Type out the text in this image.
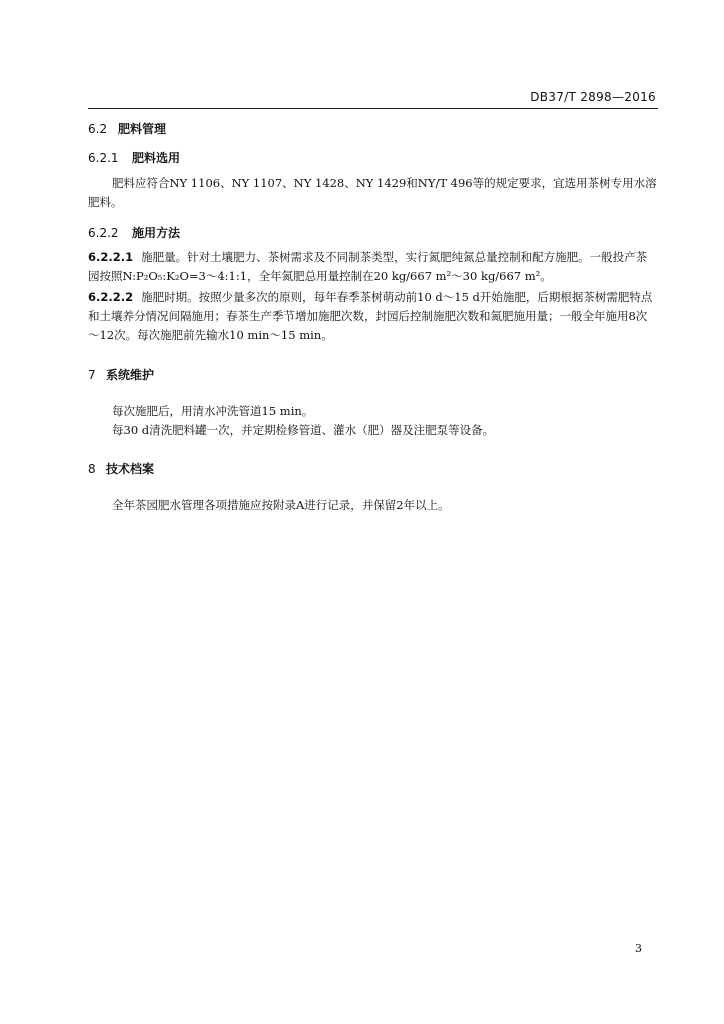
DB37/T 2898—2016
6.2 肥料管理
6.2.1 肥料选用

肥料应符合NY 1106、NY 1107、NY 1428、NY 1429和NY/T 496等的规定要求，宜选用茶树专用水溶肥料。

6.2.2 施用方法

6.2.2.1 施肥量。针对土壤肥力、茶树需求及不同制茶类型，实行氮肥纯氮总量控制和配方施肥。一般投产茶园按照N:P₂O₅:K₂O=3～4:1:1，全年氮肥总用量控制在20 kg/667 m²～30 kg/667 m²。

6.2.2.2 施肥时期。按照少量多次的原则，每年春季茶树萌动前10 d～15 d开始施肥，后期根据茶树需肥特点和土壤养分情况间隔施用；春茶生产季节增加施肥次数，封园后控制施肥次数和氮肥施用量；一般全年施用8次～12次。每次施肥前先输水10 min～15 min。

7 系统维护

每次施肥后，用清水冲洗管道15 min。

每30 d清洗肥料罐一次，并定期检修管道、灌水（肥）器及注肥泵等设备。

8 技术档案

全年茶园肥水管理各项措施应按附录A进行记录，并保留2年以上。

3
